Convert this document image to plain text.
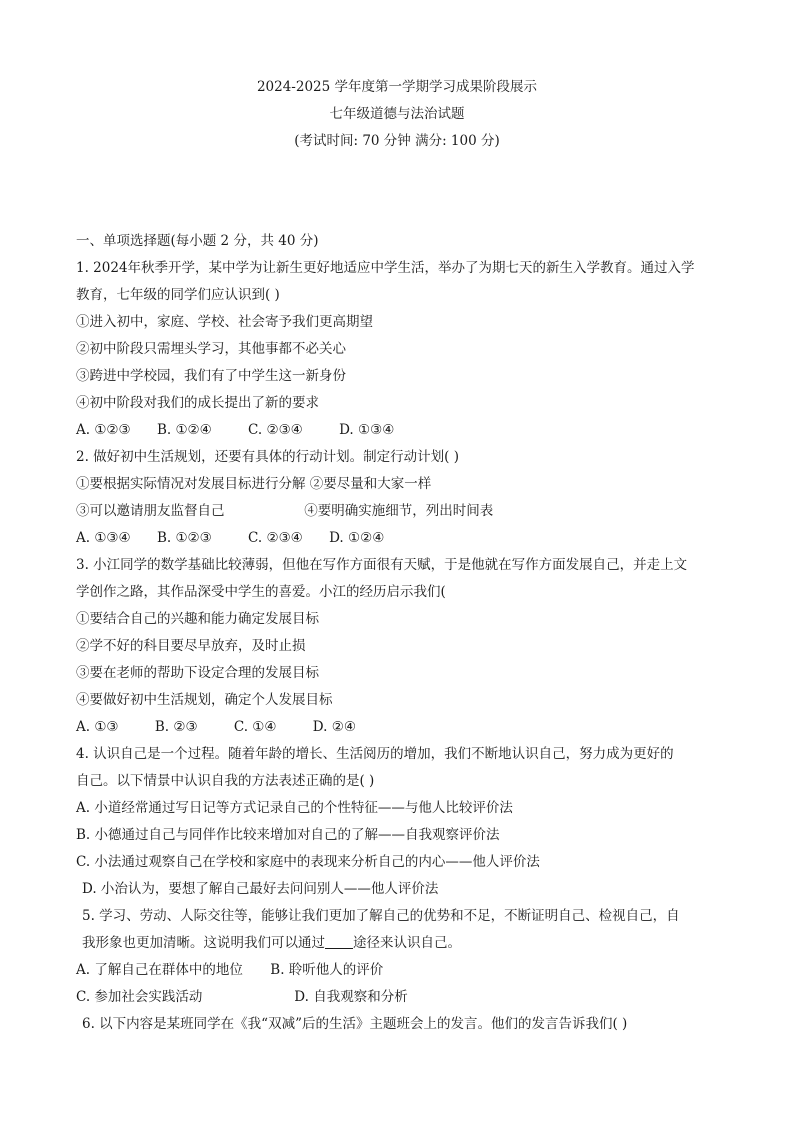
2024-2025 学年度第一学期学习成果阶段展示
七年级道德与法治试题
(考试时间: 70 分钟 满分: 100 分)
一、单项选择题(每小题 2 分，共 40 分)
1. 2024年秋季开学，某中学为让新生更好地适应中学生活，举办了为期七天的新生入学教育。通过入学
教育，七年级的同学们应认识到( )
①进入初中，家庭、学校、社会寄予我们更高期望
②初中阶段只需埋头学习，其他事都不必关心
③跨进中学校园，我们有了中学生这一新身份
④初中阶段对我们的成长提出了新的要求
A. ①②③ B. ①②④	C. ②③④	D. ①③④
2. 做好初中生活规划，还要有具体的行动计划。制定行动计划( )
①要根据实际情况对发展目标进行分解 ②要尽量和大家一样
③可以邀请朋友监督自己	④要明确实施细节，列出时间表
A. ①③④ B. ①②③	C. ②③④ D. ①②④
3. 小江同学的数学基础比较薄弱，但他在写作方面很有天赋，于是他就在写作方面发展自己，并走上文
学创作之路，其作品深受中学生的喜爱。小江的经历启示我们(
①要结合自己的兴趣和能力确定发展目标
②学不好的科目要尽早放弃，及时止损
③要在老师的帮助下设定合理的发展目标
④要做好初中生活规划，确定个人发展目标
A. ①③	B. ②③	C. ①④	D. ②④
4. 认识自己是一个过程。随着年龄的增长、生活阅历的增加，我们不断地认识自己，努力成为更好的
自己。以下情景中认识自我的方法表述正确的是( )
A. 小道经常通过写日记等方式记录自己的个性特征——与他人比较评价法
B. 小德通过自己与同伴作比较来增加对自己的了解——自我观察评价法
C. 小法通过观察自己在学校和家庭中的表现来分析自己的内心——他人评价法
D. 小治认为，要想了解自己最好去问问别人——他人评价法
5. 学习、劳动、人际交往等，能够让我们更加了解自己的优势和不足，不断证明自己、检视自己，自
我形象也更加清晰。这说明我们可以通过 途径来认识自己。
A. 了解自己在群体中的地位 B. 聆听他人的评价
C. 参加社会实践活动	D. 自我观察和分析
6. 以下内容是某班同学在《我“双减”后的生活》主题班会上的发言。他们的发言告诉我们( )
